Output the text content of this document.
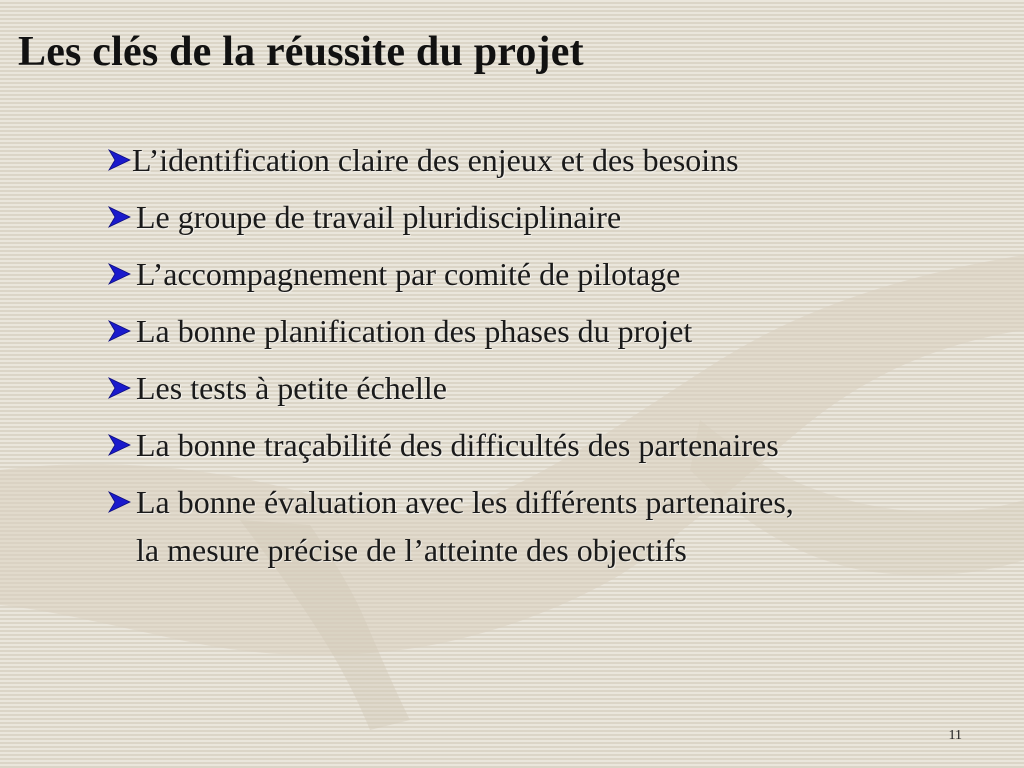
Les clés de la réussite du projet
L’identification claire des enjeux et des besoins
Le groupe de travail pluridisciplinaire
L’accompagnement par comité de pilotage
La bonne planification des phases du projet
Les tests à petite échelle
La bonne traçabilité des difficultés des partenaires
La bonne évaluation avec les différents partenaires,
la mesure précise de l’atteinte des objectifs
11
